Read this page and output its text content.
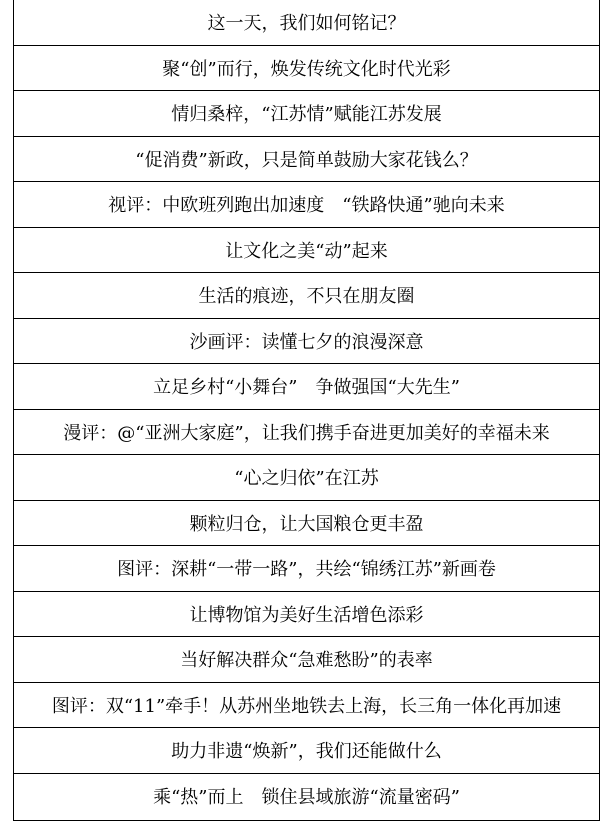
这一天，我们如何铭记？
聚“创”而行，焕发传统文化时代光彩
情归桑梓，“江苏情”赋能江苏发展
“促消费”新政，只是简单鼓励大家花钱么？
视评：中欧班列跑出加速度　“铁路快通”驰向未来
让文化之美“动”起来
生活的痕迹，不只在朋友圈
沙画评：读懂七夕的浪漫深意
立足乡村“小舞台”　争做强国“大先生”
漫评：@“亚洲大家庭”，让我们携手奋进更加美好的幸福未来
“心之归依”在江苏
颗粒归仓，让大国粮仓更丰盈
图评：深耕“一带一路”，共绘“锦绣江苏”新画卷
让博物馆为美好生活增色添彩
当好解决群众“急难愁盼”的表率
图评：双“11”牵手！从苏州坐地铁去上海，长三角一体化再加速
助力非遗“焕新”，我们还能做什么
乘“热”而上　锁住县域旅游“流量密码”
